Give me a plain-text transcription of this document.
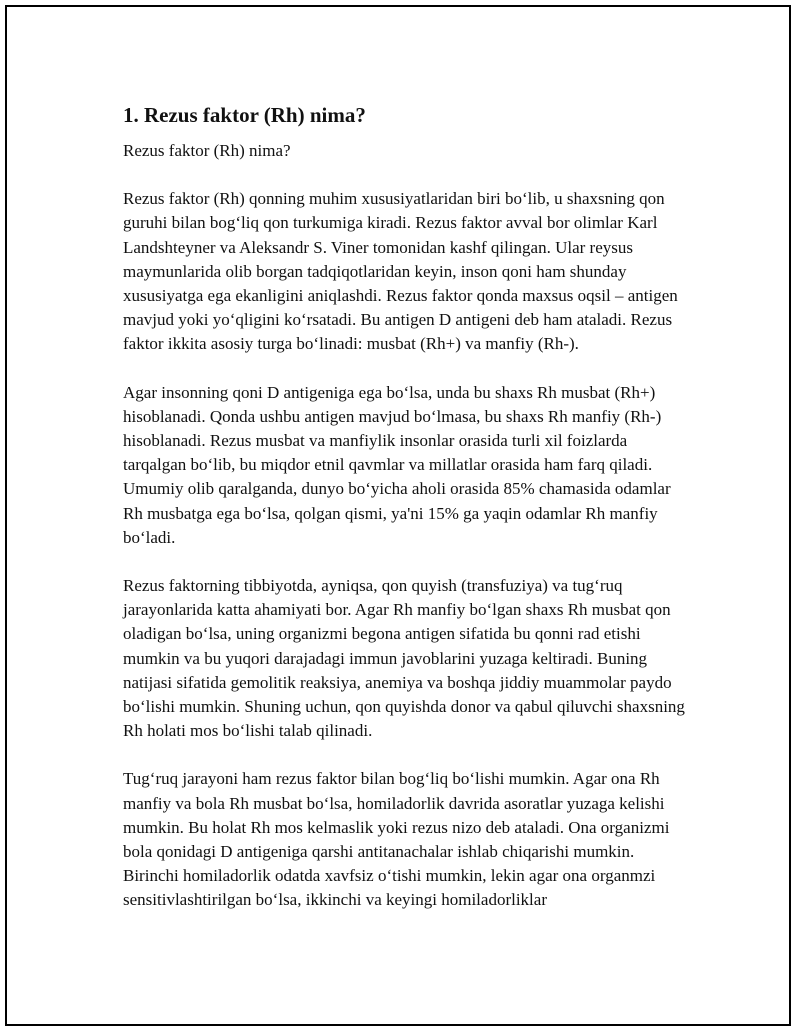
1. Rezus faktor (Rh) nima?

Rezus faktor (Rh) nima?

Rezus faktor (Rh) qonning muhim xususiyatlaridan biri bo‘lib, u shaxsning qon guruhi bilan bog‘liq qon turkumiga kiradi. Rezus faktor avval bor olimlar Karl Landshteyner va Aleksandr S. Viner tomonidan kashf qilingan. Ular reysus maymunlarida olib borgan tadqiqotlaridan keyin, inson qoni ham shunday xususiyatga ega ekanligini aniqlashdi. Rezus faktor qonda maxsus oqsil – antigen mavjud yoki yo‘qligini ko‘rsatadi. Bu antigen D antigeni deb ham ataladi. Rezus faktor ikkita asosiy turga bo‘linadi: musbat (Rh+) va manfiy (Rh-).

Agar insonning qoni D antigeniga ega bo‘lsa, unda bu shaxs Rh musbat (Rh+) hisoblanadi. Qonda ushbu antigen mavjud bo‘lmasa, bu shaxs Rh manfiy (Rh-) hisoblanadi. Rezus musbat va manfiylik insonlar orasida turli xil foizlarda tarqalgan bo‘lib, bu miqdor etnil qavmlar va millatlar orasida ham farq qiladi. Umumiy olib qaralganda, dunyo bo‘yicha aholi orasida 85% chamasida odamlar Rh musbatga ega bo‘lsa, qolgan qismi, ya'ni 15% ga yaqin odamlar Rh manfiy bo‘ladi.

Rezus faktorning tibbiyotda, ayniqsa, qon quyish (transfuziya) va tug‘ruq jarayonlarida katta ahamiyati bor. Agar Rh manfiy bo‘lgan shaxs Rh musbat qon oladigan bo‘lsa, uning organizmi begona antigen sifatida bu qonni rad etishi mumkin va bu yuqori darajadagi immun javoblarini yuzaga keltiradi. Buning natijasi sifatida gemolitik reaksiya, anemiya va boshqa jiddiy muammolar paydo bo‘lishi mumkin. Shuning uchun, qon quyishda donor va qabul qiluvchi shaxsning Rh holati mos bo‘lishi talab qilinadi.

Tug‘ruq jarayoni ham rezus faktor bilan bog‘liq bo‘lishi mumkin. Agar ona Rh manfiy va bola Rh musbat bo‘lsa, homiladorlik davrida asoratlar yuzaga kelishi mumkin. Bu holat Rh mos kelmaslik yoki rezus nizo deb ataladi. Ona organizmi bola qonidagi D antigeniga qarshi antitanachalar ishlab chiqarishi mumkin. Birinchi homiladorlik odatda xavfsiz o‘tishi mumkin, lekin agar ona organmzi sensitivlashtirilgan bo‘lsa, ikkinchi va keyingi homiladorliklar
